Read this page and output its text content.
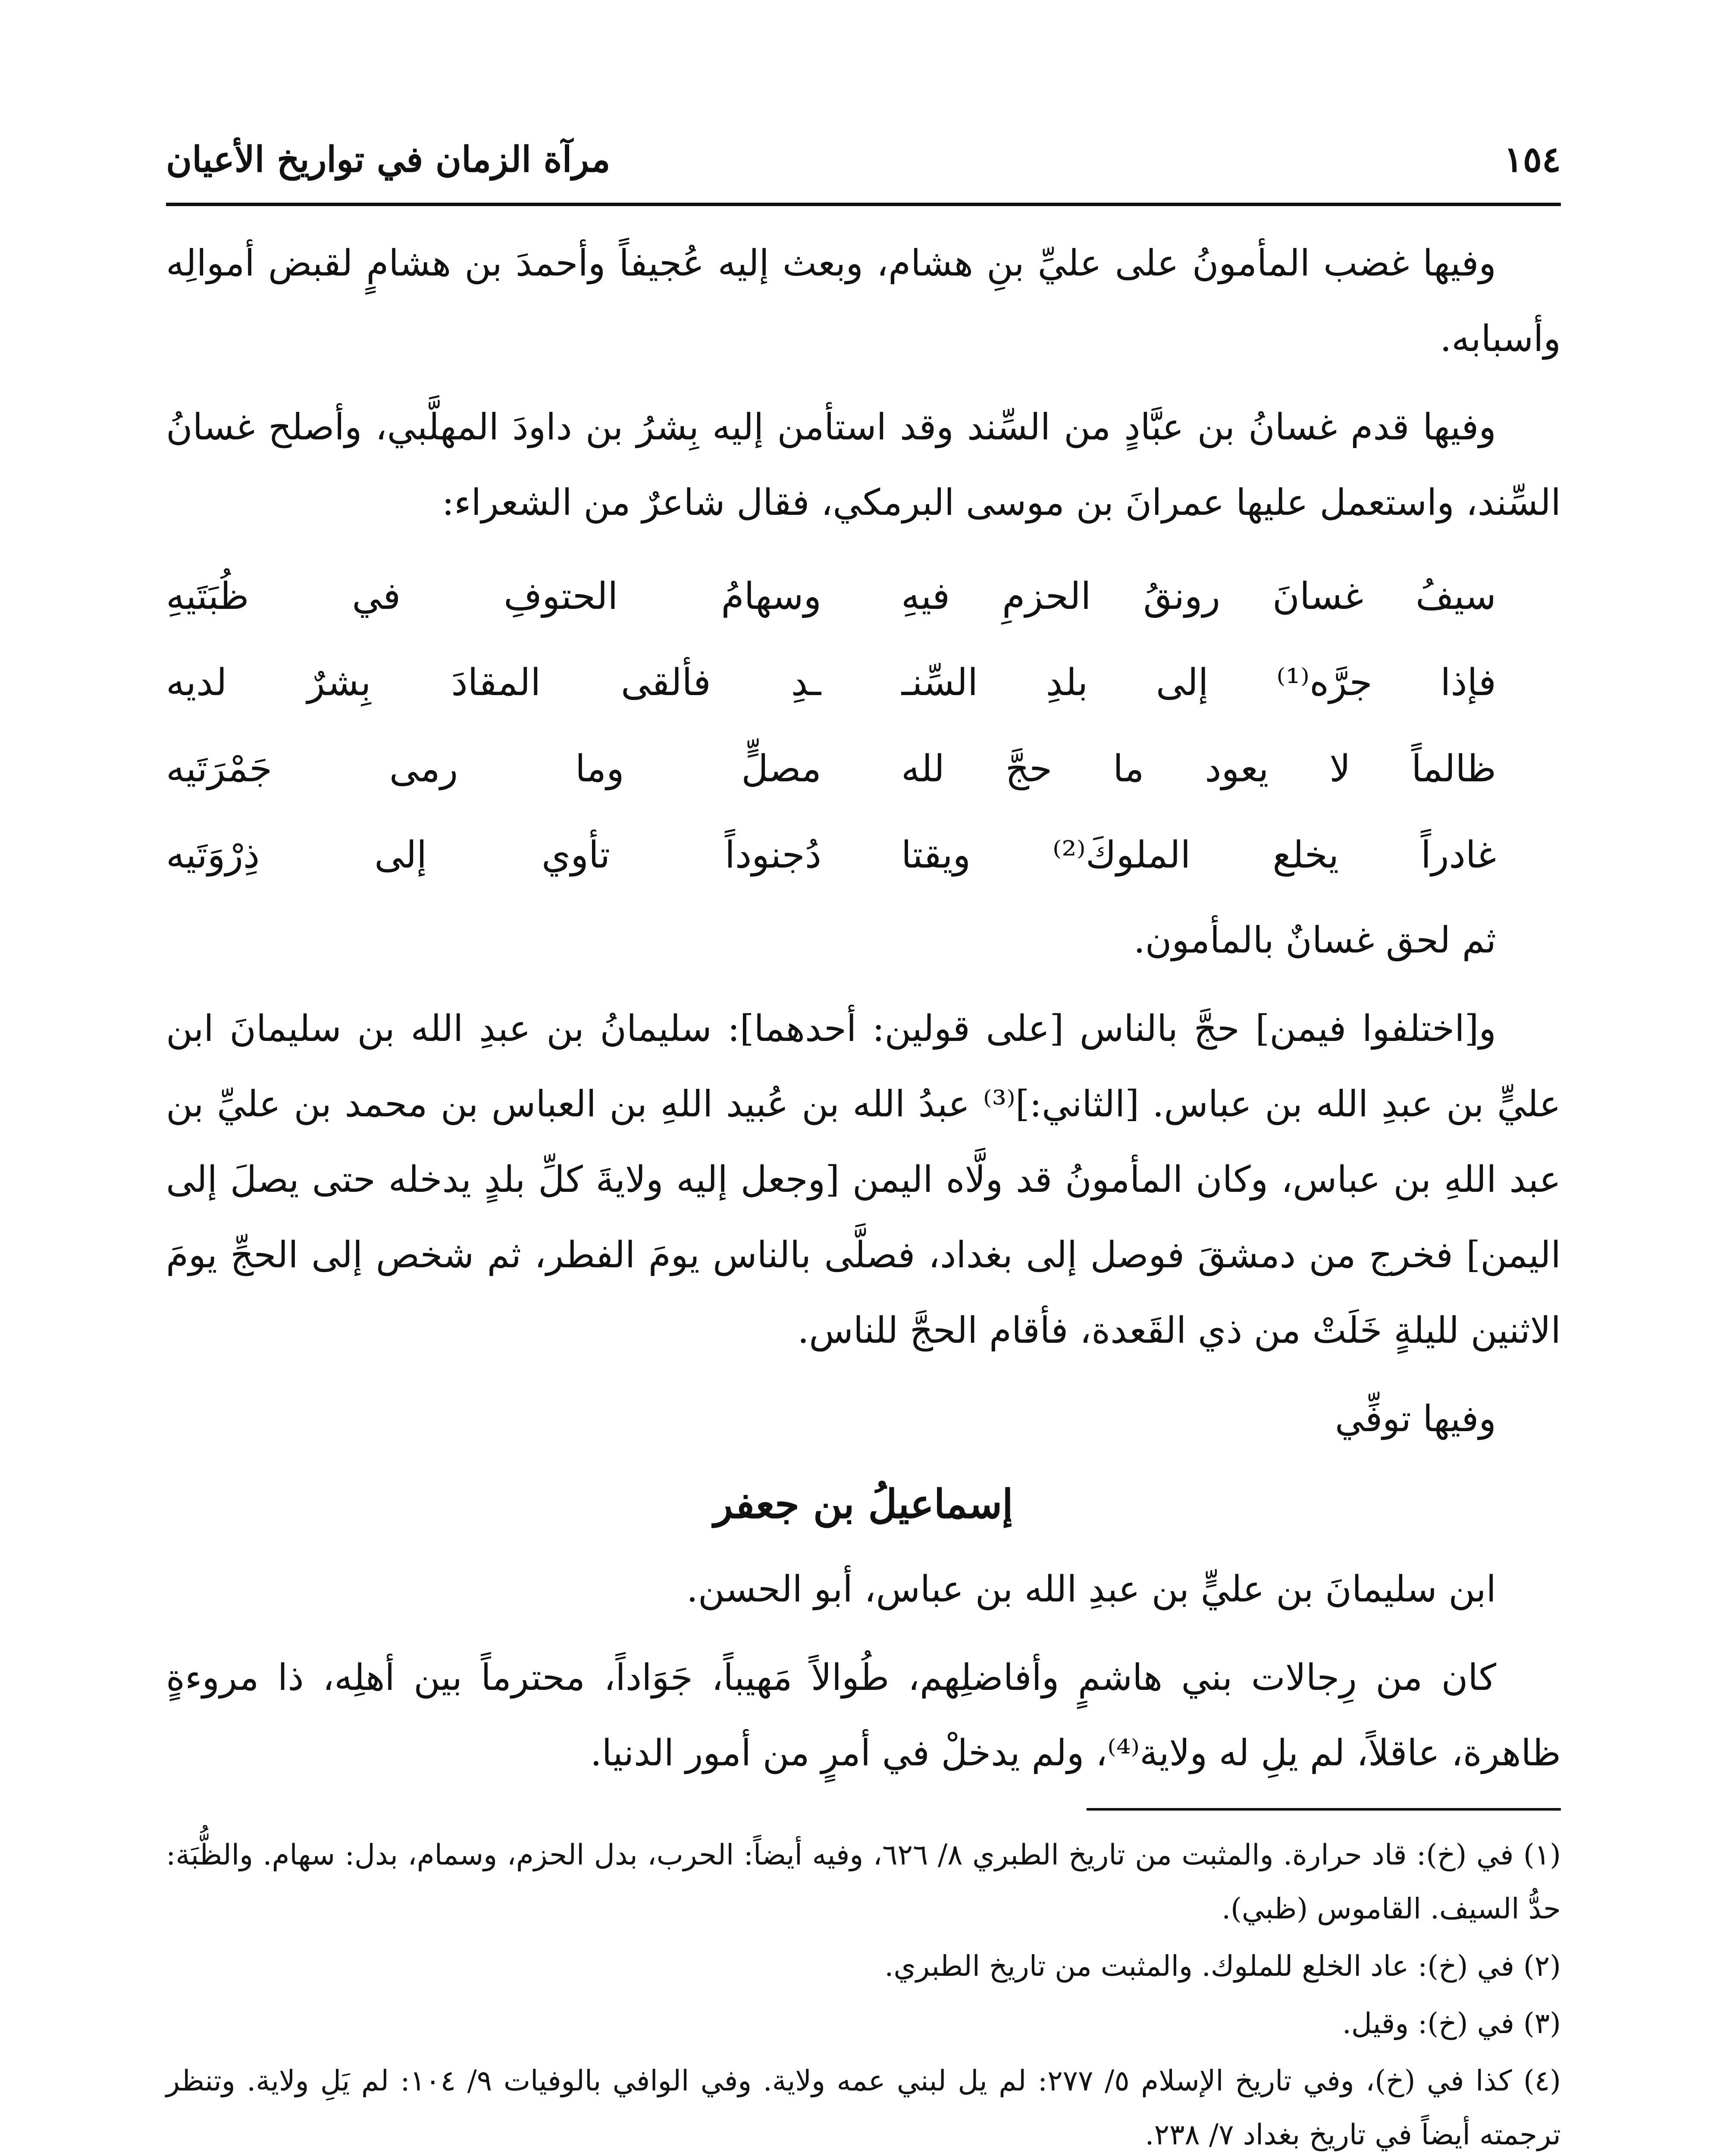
١٥٤
مرآة الزمان في تواريخ الأعيان

وفيها غضب المأمونُ على عليِّ بنِ هشام، وبعث إليه عُجيفاً وأحمدَ بن هشامٍ لقبض أموالِه وأسبابه.

وفيها قدم غسانُ بن عبَّادٍ من السِّند وقد استأمن إليه بِشرُ بن داودَ المهلَّبي، وأصلح غسانُ السِّند، واستعمل عليها عمرانَ بن موسى البرمكي، فقال شاعرٌ من الشعراء:

سيفُ غسانَ رونقُ الحزمِ فيهِ
وسهامُ الحتوفِ في ظُبَتَيهِ
فإذا جرَّه⁽¹⁾ إلى بلدِ السِّنـ
ـدِ فألقى المقادَ بِشرٌ لديه
ظالماً لا يعود ما حجَّ لله
مصلٍّ وما رمى جَمْرَتَيه
غادراً يخلع الملوكَ⁽²⁾ ويقتا
دُجنوداً تأوي إلى ذِرْوَتَيه

ثم لحق غسانٌ بالمأمون.

و[اختلفوا فيمن] حجَّ بالناس [على قولين: أحدهما]: سليمانُ بن عبدِ الله بن سليمانَ ابن عليٍّ بن عبدِ الله بن عباس. [الثاني:]⁽³⁾ عبدُ الله بن عُبيد اللهِ بن العباس بن محمد بن عليِّ بن عبد اللهِ بن عباس، وكان المأمونُ قد ولَّاه اليمن [وجعل إليه ولايةَ كلِّ بلدٍ يدخله حتى يصلَ إلى اليمن] فخرج من دمشقَ فوصل إلى بغداد، فصلَّى بالناس يومَ الفطر، ثم شخص إلى الحجِّ يومَ الاثنين لليلةٍ خَلَتْ من ذي القَعدة، فأقام الحجَّ للناس.

وفيها توفِّي

إسماعيلُ بن جعفر

ابن سليمانَ بن عليٍّ بن عبدِ الله بن عباس، أبو الحسن.

كان من رِجالات بني هاشمٍ وأفاضلِهم، طُوالاً مَهيباً، جَوَاداً، محترماً بين أهلِه، ذا مروءةٍ ظاهرة، عاقلاً، لم يلِ له ولاية⁽⁴⁾، ولم يدخلْ في أمرٍ من أمور الدنيا.

(١) في (خ): قاد حرارة. والمثبت من تاريخ الطبري ٨/ ٦٢٦، وفيه أيضاً: الحرب، بدل الحزم، وسمام، بدل: سهام. والظُّبَة: حدُّ السيف. القاموس (ظبي).
(٢) في (خ): عاد الخلع للملوك. والمثبت من تاريخ الطبري.
(٣) في (خ): وقيل.
(٤) كذا في (خ)، وفي تاريخ الإسلام ٥/ ٢٧٧: لم يل لبني عمه ولاية. وفي الوافي بالوفيات ٩/ ١٠٤: لم يَلِ ولاية. وتنظر ترجمته أيضاً في تاريخ بغداد ٧/ ٢٣٨.
